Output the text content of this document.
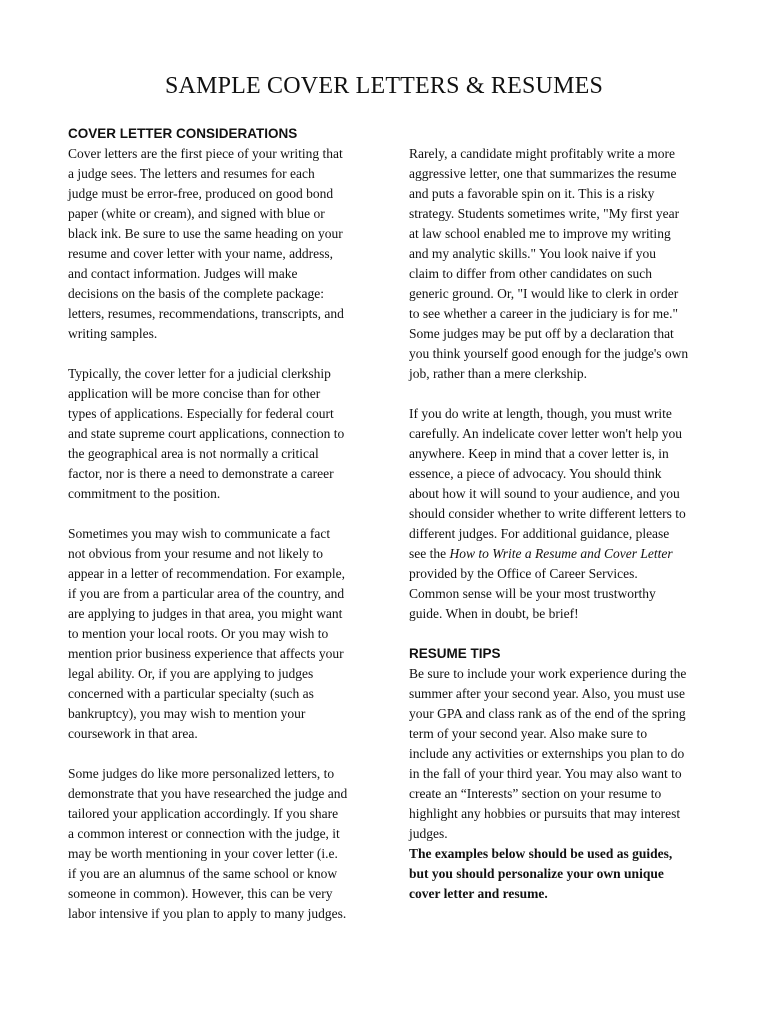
SAMPLE COVER LETTERS & RESUMES
COVER LETTER CONSIDERATIONS
Cover letters are the first piece of your writing that
a judge sees. The letters and resumes for each
judge must be error-free, produced on good bond
paper (white or cream), and signed with blue or
black ink. Be sure to use the same heading on your
resume and cover letter with your name, address,
and contact information. Judges will make
decisions on the basis of the complete package:
letters, resumes, recommendations, transcripts, and
writing samples.
Typically, the cover letter for a judicial clerkship
application will be more concise than for other
types of applications. Especially for federal court
and state supreme court applications, connection to
the geographical area is not normally a critical
factor, nor is there a need to demonstrate a career
commitment to the position.
Sometimes you may wish to communicate a fact
not obvious from your resume and not likely to
appear in a letter of recommendation. For example,
if you are from a particular area of the country, and
are applying to judges in that area, you might want
to mention your local roots. Or you may wish to
mention prior business experience that affects your
legal ability. Or, if you are applying to judges
concerned with a particular specialty (such as
bankruptcy), you may wish to mention your
coursework in that area.
Some judges do like more personalized letters, to
demonstrate that you have researched the judge and
tailored your application accordingly. If you share
a common interest or connection with the judge, it
may be worth mentioning in your cover letter (i.e.
if you are an alumnus of the same school or know
someone in common). However, this can be very
labor intensive if you plan to apply to many judges.
Rarely, a candidate might profitably write a more
aggressive letter, one that summarizes the resume
and puts a favorable spin on it. This is a risky
strategy. Students sometimes write, "My first year
at law school enabled me to improve my writing
and my analytic skills." You look naive if you
claim to differ from other candidates on such
generic ground. Or, "I would like to clerk in order
to see whether a career in the judiciary is for me."
Some judges may be put off by a declaration that
you think yourself good enough for the judge's own
job, rather than a mere clerkship.
If you do write at length, though, you must write
carefully. An indelicate cover letter won't help you
anywhere. Keep in mind that a cover letter is, in
essence, a piece of advocacy. You should think
about how it will sound to your audience, and you
should consider whether to write different letters to
different judges. For additional guidance, please
see the How to Write a Resume and Cover Letter
provided by the Office of Career Services.
Common sense will be your most trustworthy
guide. When in doubt, be brief!
RESUME TIPS
Be sure to include your work experience during the
summer after your second year. Also, you must use
your GPA and class rank as of the end of the spring
term of your second year. Also make sure to
include any activities or externships you plan to do
in the fall of your third year. You may also want to
create an “Interests” section on your resume to
highlight any hobbies or pursuits that may interest
judges.
The examples below should be used as guides,
but you should personalize your own unique
cover letter and resume.
